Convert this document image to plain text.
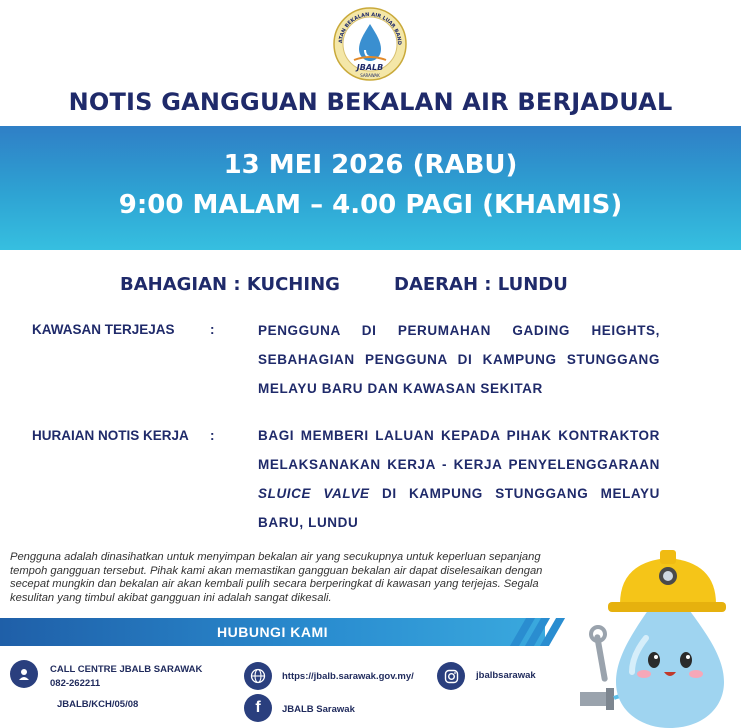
JBALB
SARAWAK
ATAN BEKALAN AIR LUAR BAND
NOTIS GANGGUAN BEKALAN AIR BERJADUAL
13 MEI 2026 (RABU)
9:00 MALAM – 4.00 PAGI (KHAMIS)
BAHAGIAN : KUCHING	DAERAH : LUNDU
KAWASAN TERJEJAS	:	PENGGUNA DI PERUMAHAN GADING HEIGHTS, SEBAHAGIAN PENGGUNA DI KAMPUNG STUNGGANG MELAYU BARU DAN KAWASAN SEKITAR
HURAIAN NOTIS KERJA :	BAGI MEMBERI LALUAN KEPADA PIHAK KONTRAKTOR MELAKSANAKAN KERJA - KERJA PENYELENGGARAAN SLUICE VALVE DI KAMPUNG STUNGGANG MELAYU BARU, LUNDU
Pengguna adalah dinasihatkan untuk menyimpan bekalan air yang secukupnya untuk keperluan sepanjang tempoh gangguan tersebut. Pihak kami akan memastikan gangguan bekalan air dapat diselesaikan dengan secepat mungkin dan bekalan air akan kembali pulih secara berperingkat di kawasan yang terjejas. Segala kesulitan yang timbul akibat gangguan ini adalah sangat dikesali.
HUBUNGI KAMI
CALL CENTRE JBALB SARAWAK
082-262211
JBALB/KCH/05/08
https://jbalb.sarawak.gov.my/
f JBALB Sarawak
jbalbsarawak
